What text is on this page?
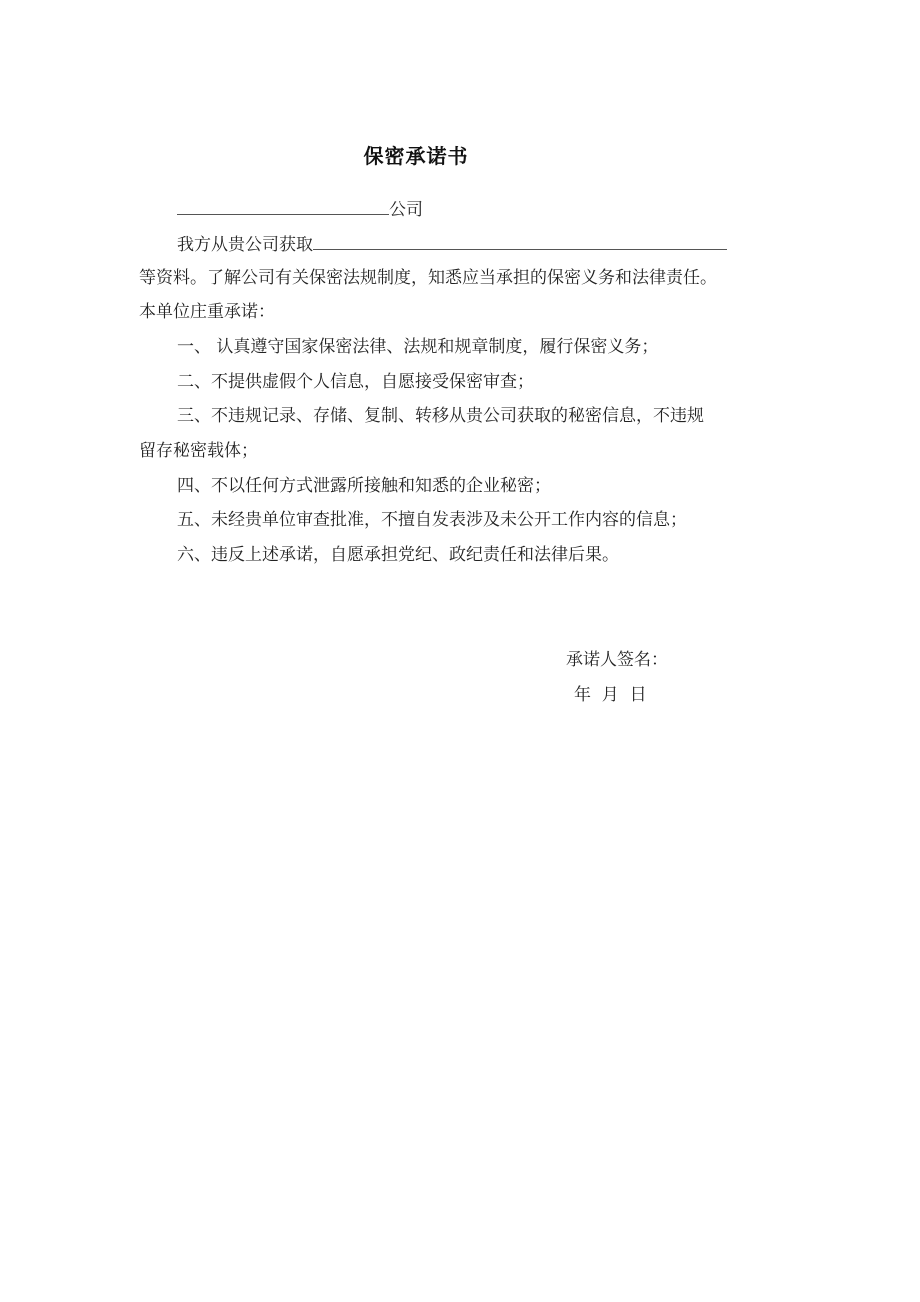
保密承诺书
公司
我方从贵公司获取
等资料。了解公司有关保密法规制度，知悉应当承担的保密义务和法律责任。
本单位庄重承诺：
一、 认真遵守国家保密法律、法规和规章制度，履行保密义务；
二、不提供虚假个人信息，自愿接受保密审查；
三、不违规记录、存储、复制、转移从贵公司获取的秘密信息，不违规
留存秘密载体；
四、不以任何方式泄露所接触和知悉的企业秘密；
五、未经贵单位审查批准，不擅自发表涉及未公开工作内容的信息；
六、违反上述承诺，自愿承担党纪、政纪责任和法律后果。
承诺人签名：
年  月  日
